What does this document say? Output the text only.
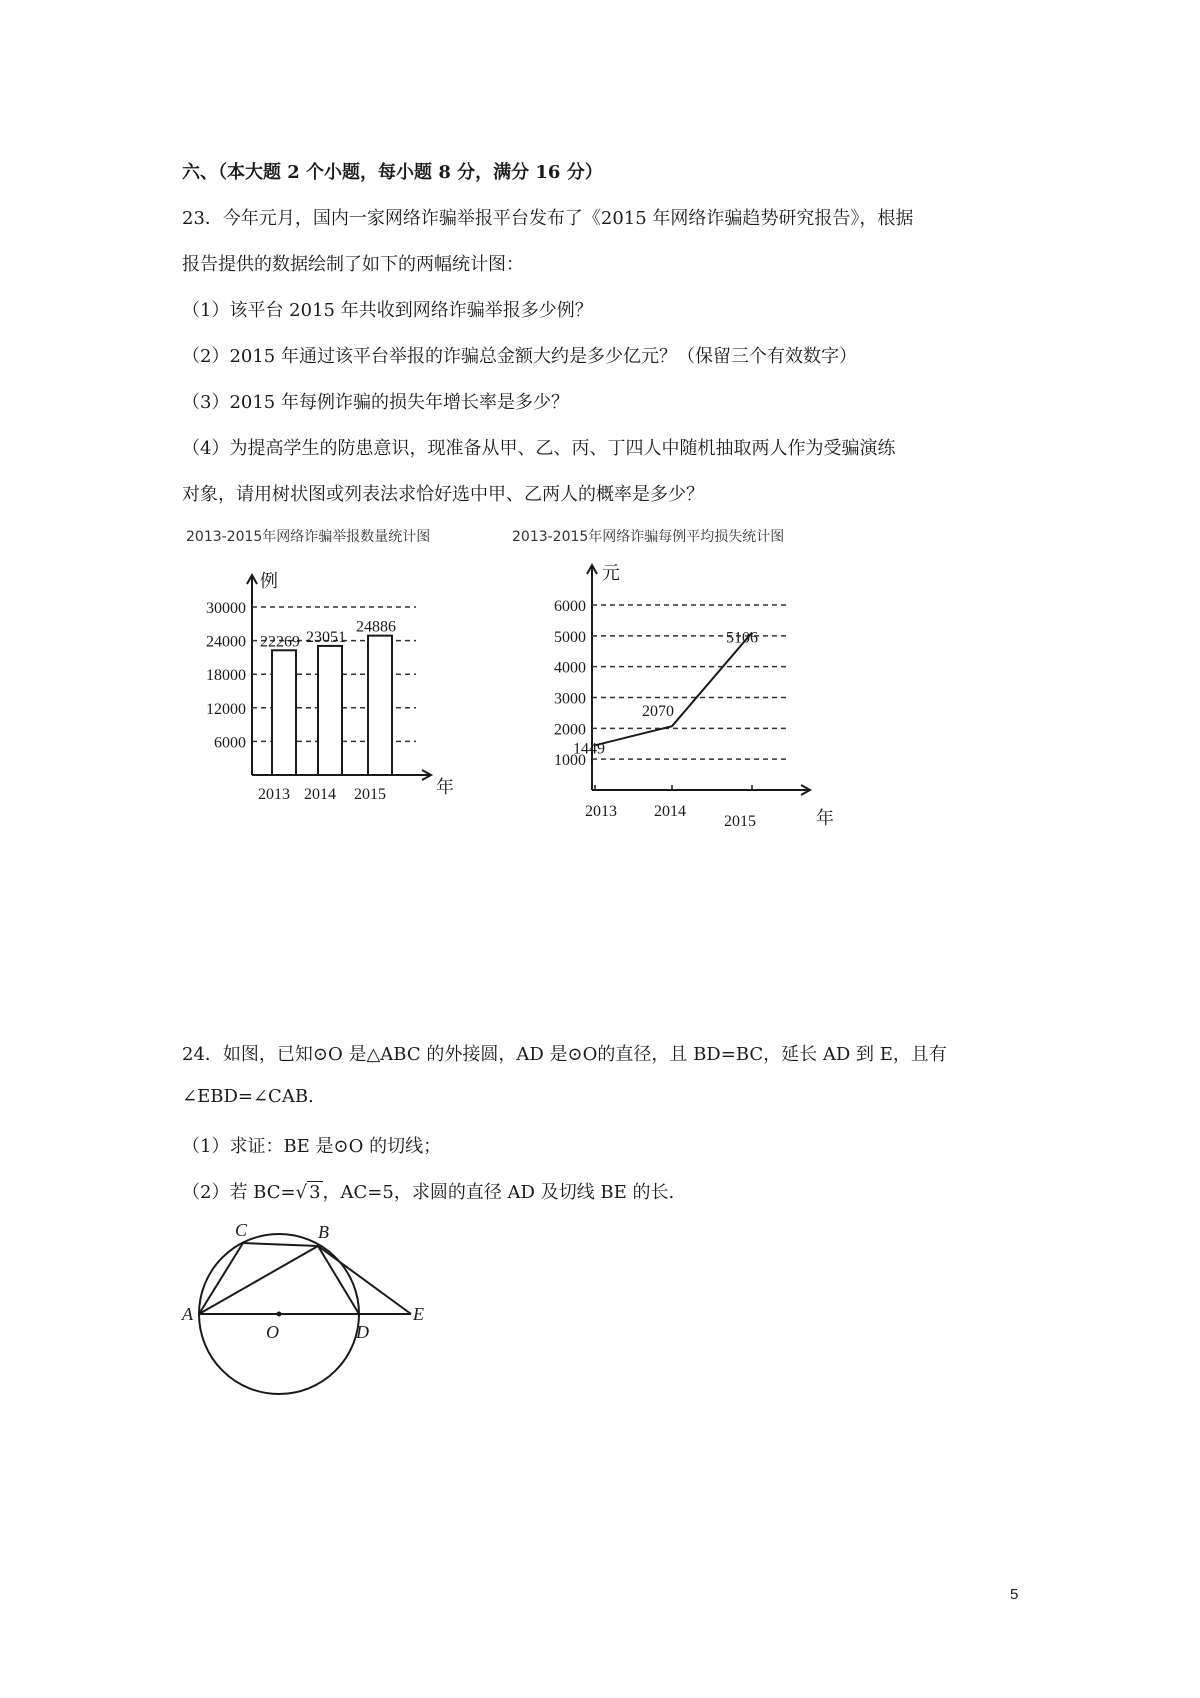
六、（本大题 2 个小题，每小题 8 分，满分 16 分）
23．今年元月，国内一家网络诈骗举报平台发布了《2015 年网络诈骗趋势研究报告》，根据
报告提供的数据绘制了如下的两幅统计图：
（1）该平台 2015 年共收到网络诈骗举报多少例？
（2）2015 年通过该平台举报的诈骗总金额大约是多少亿元？（保留三个有效数字）
（3）2015 年每例诈骗的损失年增长率是多少？
（4）为提高学生的防患意识，现准备从甲、乙、丙、丁四人中随机抽取两人作为受骗演练
对象，请用树状图或列表法求恰好选中甲、乙两人的概率是多少？
2013-2015年网络诈骗举报数量统计图	2013-2015年网络诈骗每例平均损失统计图
例
年
6000
12000
18000
24000
30000
22269
2013
23051
2014
24886
2015
元
年
1000
2000
3000
4000
5000
6000
1449
2070
5106
2013 2014
2015
24．如图，已知⊙O 是△ABC 的外接圆，AD 是⊙O的直径，且 BD=BC，延长 AD 到 E，且有
∠EBD=∠CAB.
（1）求证：BE 是⊙O 的切线；
（2）若 BC=√ 3 ，AC=5，求圆的直径 AD 及切线 BE 的长.
A
C	B
O	D
E
5
